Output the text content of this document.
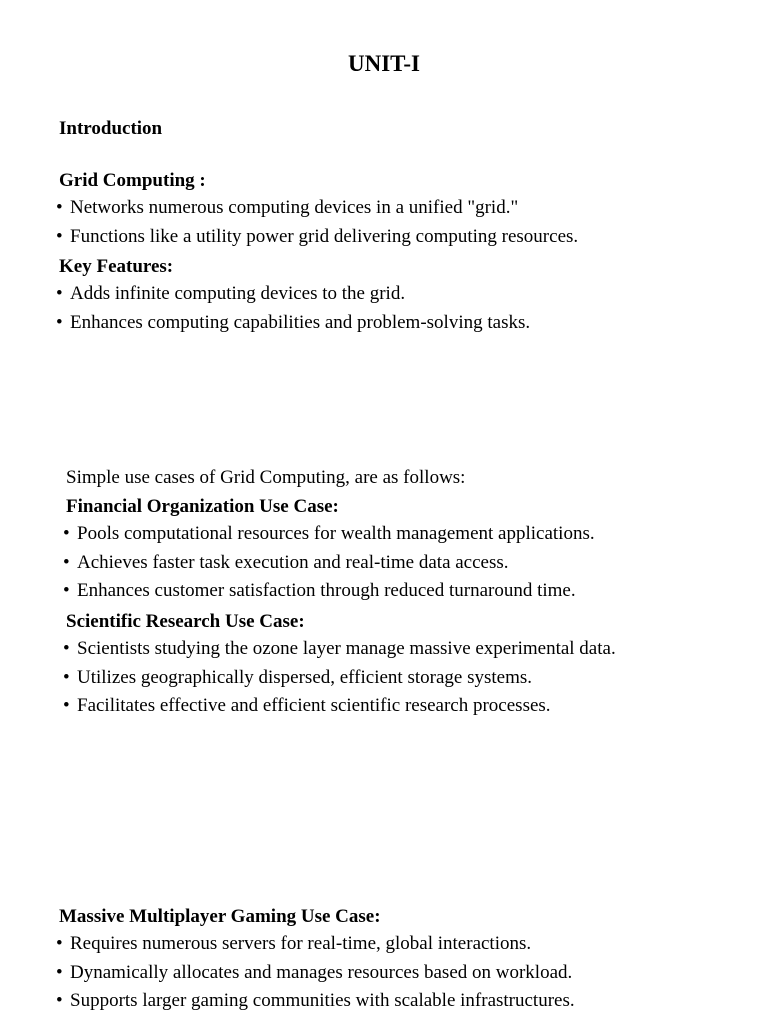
UNIT-I
Introduction
Grid Computing :
• Networks numerous computing devices in a unified "grid."
• Functions like a utility power grid delivering computing resources.
Key Features:
• Adds infinite computing devices to the grid.
• Enhances computing capabilities and problem-solving tasks.
Simple use cases of Grid Computing, are as follows:
Financial Organization Use Case:
• Pools computational resources for wealth management applications.
• Achieves faster task execution and real-time data access.
• Enhances customer satisfaction through reduced turnaround time.
Scientific Research Use Case:
• Scientists studying the ozone layer manage massive experimental data.
• Utilizes geographically dispersed, efficient storage systems.
• Facilitates effective and efficient scientific research processes.
Massive Multiplayer Gaming Use Case:
• Requires numerous servers for real-time, global interactions.
• Dynamically allocates and manages resources based on workload.
• Supports larger gaming communities with scalable infrastructures.
